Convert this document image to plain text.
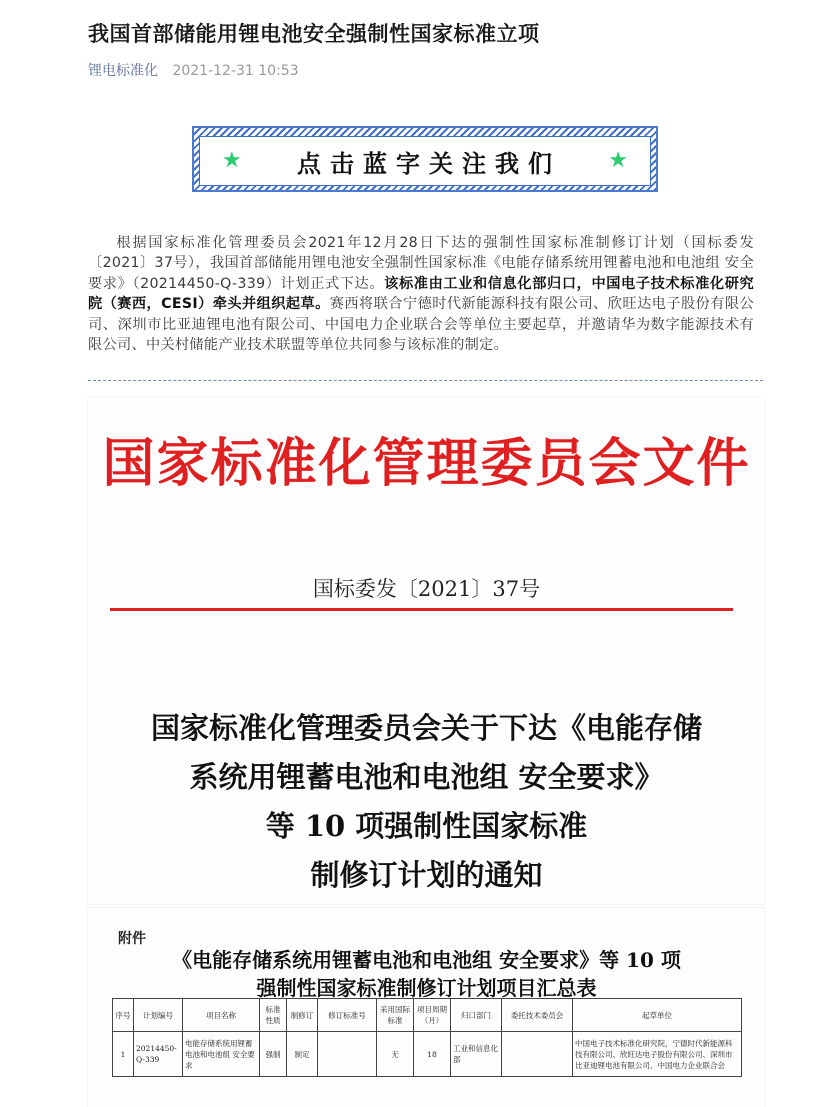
我国首部储能用锂电池安全强制性国家标准立项
锂电标准化 2021-12-31 10:53
★	点击蓝字关注我们 ★

根据国家标准化管理委员会2021年12月28日下达的强制性国家标准制修订计划（国标委发〔2021〕37号），我国首部储能用锂电池安全强制性国家标准《电能存储系统用锂蓄电池和电池组 安全要求》（20214450-Q-339）计划正式下达。该标准由工业和信息化部归口，中国电子技术标准化研究院（赛西，CESI）牵头并组织起草。赛西将联合宁德时代新能源科技有限公司、欣旺达电子股份有限公司、深圳市比亚迪锂电池有限公司、中国电力企业联合会等单位主要起草，并邀请华为数字能源技术有限公司、中关村储能产业技术联盟等单位共同参与该标准的制定。

国家标准化管理委员会文件
国标委发〔2021〕37号
国家标准化管理委员会关于下达《电能存储
系统用锂蓄电池和电池组 安全要求》
等 10 项强制性国家标准
制修订计划的通知
附件
《电能存储系统用锂蓄电池和电池组 安全要求》等 10 项
强制性国家标准制修订计划项目汇总表
序号	计划编号	项目名称	标准性质	制修订	修订标准号	采用国际标准	项目周期（月）	归口部门	委托技术委员会	起草单位
1	20214450-Q-339	电能存储系统用锂蓄电池和电池组 安全要求	强制	制定		无	18	工业和信息化部		中国电子技术标准化研究院，宁德时代新能源科技有限公司、欣旺达电子股份有限公司、深圳市比亚迪锂电池有限公司、中国电力企业联合会
